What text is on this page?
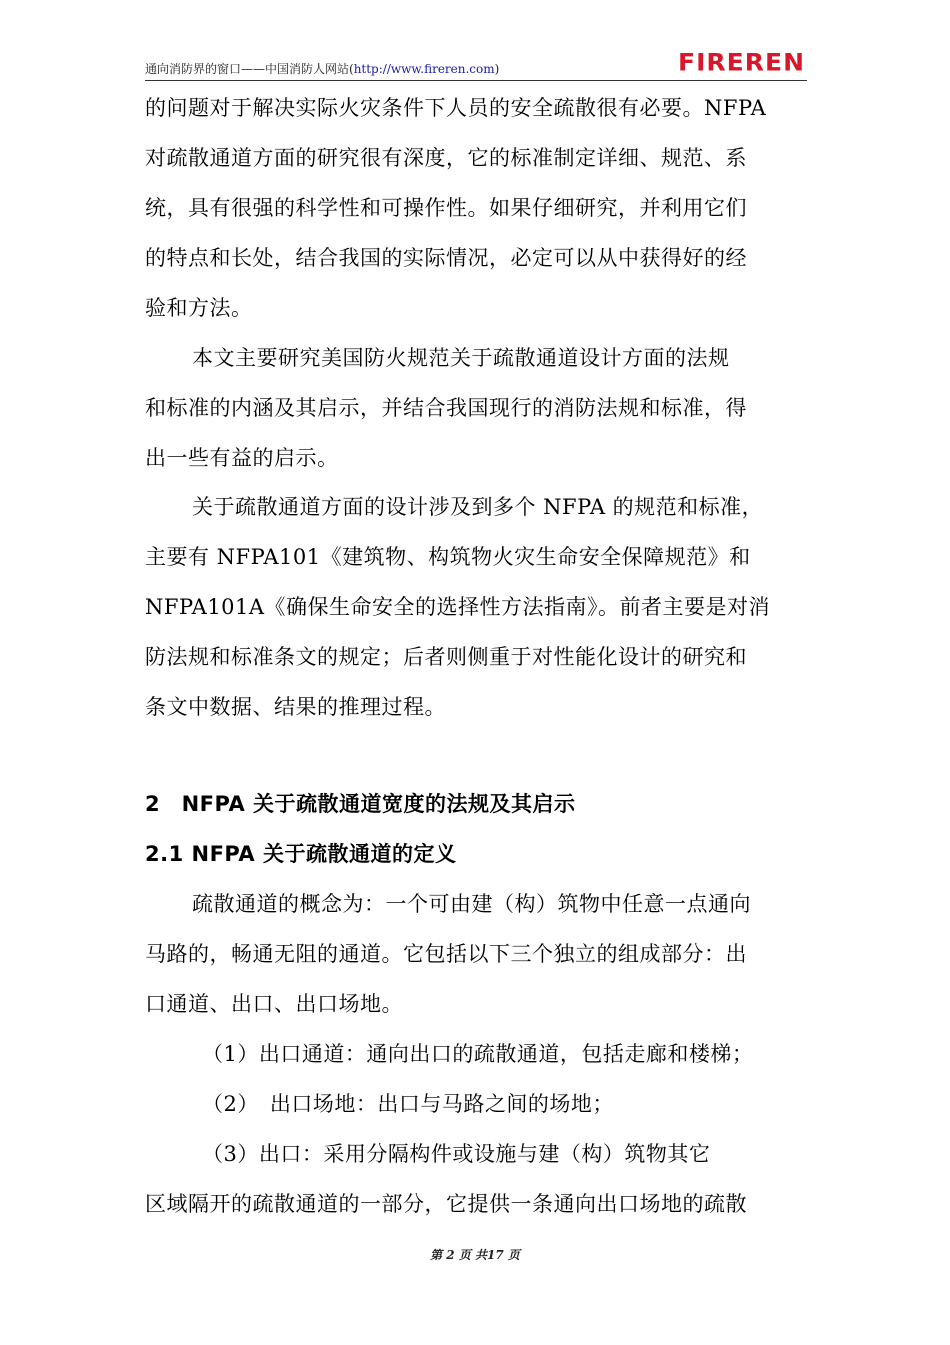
通向消防界的窗口——中国消防人网站(http://www.fireren.com)	FIREREN
的问题对于解决实际火灾条件下人员的安全疏散很有必要。NFPA
对疏散通道方面的研究很有深度，它的标准制定详细、规范、系
统，具有很强的科学性和可操作性。如果仔细研究，并利用它们
的特点和长处，结合我国的实际情况，必定可以从中获得好的经
验和方法。
本文主要研究美国防火规范关于疏散通道设计方面的法规
和标准的内涵及其启示，并结合我国现行的消防法规和标准，得
出一些有益的启示。
关于疏散通道方面的设计涉及到多个 NFPA 的规范和标准，
主要有 NFPA101《建筑物、构筑物火灾生命安全保障规范》和
NFPA101A《确保生命安全的选择性方法指南》。前者主要是对消
防法规和标准条文的规定；后者则侧重于对性能化设计的研究和
条文中数据、结果的推理过程。
2　NFPA 关于疏散通道宽度的法规及其启示
2.1 NFPA 关于疏散通道的定义
疏散通道的概念为：一个可由建（构）筑物中任意一点通向
马路的，畅通无阻的通道。它包括以下三个独立的组成部分：出
口通道、出口、出口场地。
（1）出口通道：通向出口的疏散通道，包括走廊和楼梯；
（2）　出口场地：出口与马路之间的场地；
（3）出口：采用分隔构件或设施与建（构）筑物其它
区域隔开的疏散通道的一部分，它提供一条通向出口场地的疏散
第 2 页 共17 页
